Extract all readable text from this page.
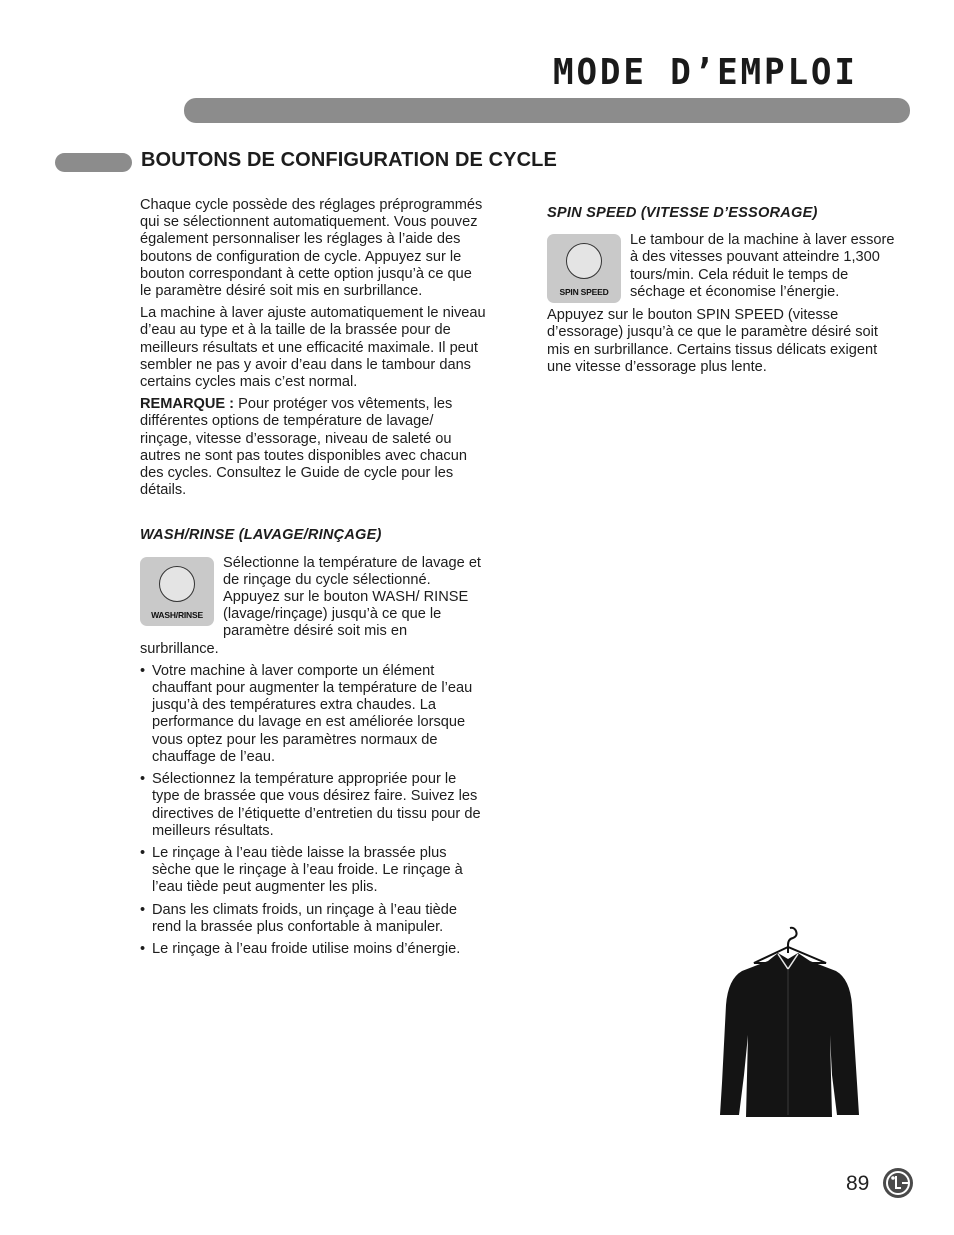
MODE D’EMPLOI
BOUTONS DE CONFIGURATION DE CYCLE

Chaque cycle possède des réglages préprogrammés qui se sélectionnent automatiquement. Vous pouvez également personnaliser les réglages à l’aide des boutons de configuration de cycle. Appuyez sur le bouton correspondant à cette option jusqu’à ce que le paramètre désiré soit mis en surbrillance.

La machine à laver ajuste automatiquement le niveau d’eau au type et à la taille de la brassée pour de meilleurs résultats et une efficacité maximale. Il peut sembler ne pas y avoir d’eau dans le tambour dans certains cycles mais c’est normal.

REMARQUE : Pour protéger vos vêtements, les différentes options de température de lavage/ rinçage, vitesse d’essorage, niveau de saleté ou autres ne sont pas toutes disponibles avec chacun des cycles. Consultez le Guide de cycle pour les détails.

WASH/RINSE (LAVAGE/RINÇAGE)
WASH/RINSE

Sélectionne la température de lavage et de rinçage du cycle sélectionné. Appuyez sur le bouton WASH/ RINSE (lavage/rinçage) jusqu’à ce que le paramètre désiré soit mis en surbrillance.

• Votre machine à laver comporte un élément chauffant pour augmenter la température de l’eau jusqu’à des températures extra chaudes. La performance du lavage en est améliorée lorsque vous optez pour les paramètres normaux de chauffage de l’eau.
• Sélectionnez la température appropriée pour le type de brassée que vous désirez faire. Suivez les directives de l’étiquette d’entretien du tissu pour de meilleurs résultats.
• Le rinçage à l’eau tiède laisse la brassée plus sèche que le rinçage à l’eau froide. Le rinçage à l’eau tiède peut augmenter les plis.
• Dans les climats froids, un rinçage à l’eau tiède rend la brassée plus confortable à manipuler.
• Le rinçage à l’eau froide utilise moins d’énergie.
SPIN SPEED (VITESSE D’ESSORAGE)
SPIN SPEED

Le tambour de la machine à laver essore à des vitesses pouvant atteindre 1,300 tours/min. Cela réduit le temps de séchage et économise l’énergie.

Appuyez sur le bouton SPIN SPEED (vitesse d’essorage) jusqu’à ce que le paramètre désiré soit mis en surbrillance. Certains tissus délicats exigent une vitesse d’essorage plus lente.

89
